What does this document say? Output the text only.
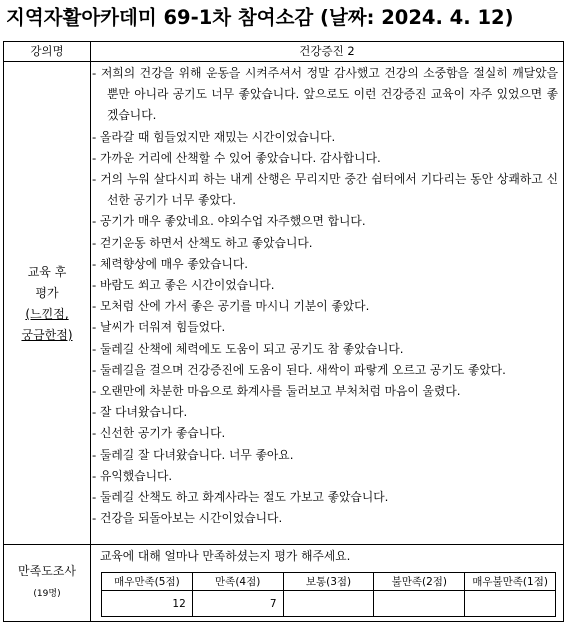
지역자활아카데미 69-1차 참여소감 (날짜: 2024. 4. 12)
강의명	건강증진 2
교육 후
평가
(느낀점,
궁금한점)
- 저희의 건강을 위해 운동을 시켜주셔서 정말 감사했고 건강의 소중함을 절실히 깨달았을 뿐만 아니라 공기도 너무 좋았습니다. 앞으로도 이런 건강증진 교육이 자주 있었으면 좋겠습니다.
- 올라갈 때 힘들었지만 재밌는 시간이었습니다.
- 가까운 거리에 산책할 수 있어 좋았습니다. 감사합니다.
- 거의 누워 살다시피 하는 내게 산행은 무리지만 중간 쉼터에서 기다리는 동안 상쾌하고 신선한 공기가 너무 좋았다.
- 공기가 매우 좋았네요. 야외수업 자주했으면 합니다.
- 걷기운동 하면서 산책도 하고 좋았습니다.
- 체력향상에 매우 좋았습니다.
- 바람도 쐬고 좋은 시간이었습니다.
- 모처럼 산에 가서 좋은 공기를 마시니 기분이 좋았다.
- 날씨가 더워져 힘들었다.
- 둘레길 산책에 체력에도 도움이 되고 공기도 참 좋았습니다.
- 둘레길을 걸으며 건강증진에 도움이 된다. 새싹이 파랗게 오르고 공기도 좋았다.
- 오랜만에 차분한 마음으로 화계사를 둘러보고 부처처럼 마음이 울렸다.
- 잘 다녀왔습니다.
- 신선한 공기가 좋습니다.
- 둘레길 잘 다녀왔습니다. 너무 좋아요.
- 유익했습니다.
- 둘레길 산책도 하고 화계사라는 절도 가보고 좋았습니다.
- 건강을 되돌아보는 시간이었습니다.
만족도조사
(19명)
교육에 대해 얼마나 만족하셨는지 평가 해주세요.
매우만족(5점)	만족(4점)	보통(3점)	불만족(2점)	매우불만족(1점)
12	7			
